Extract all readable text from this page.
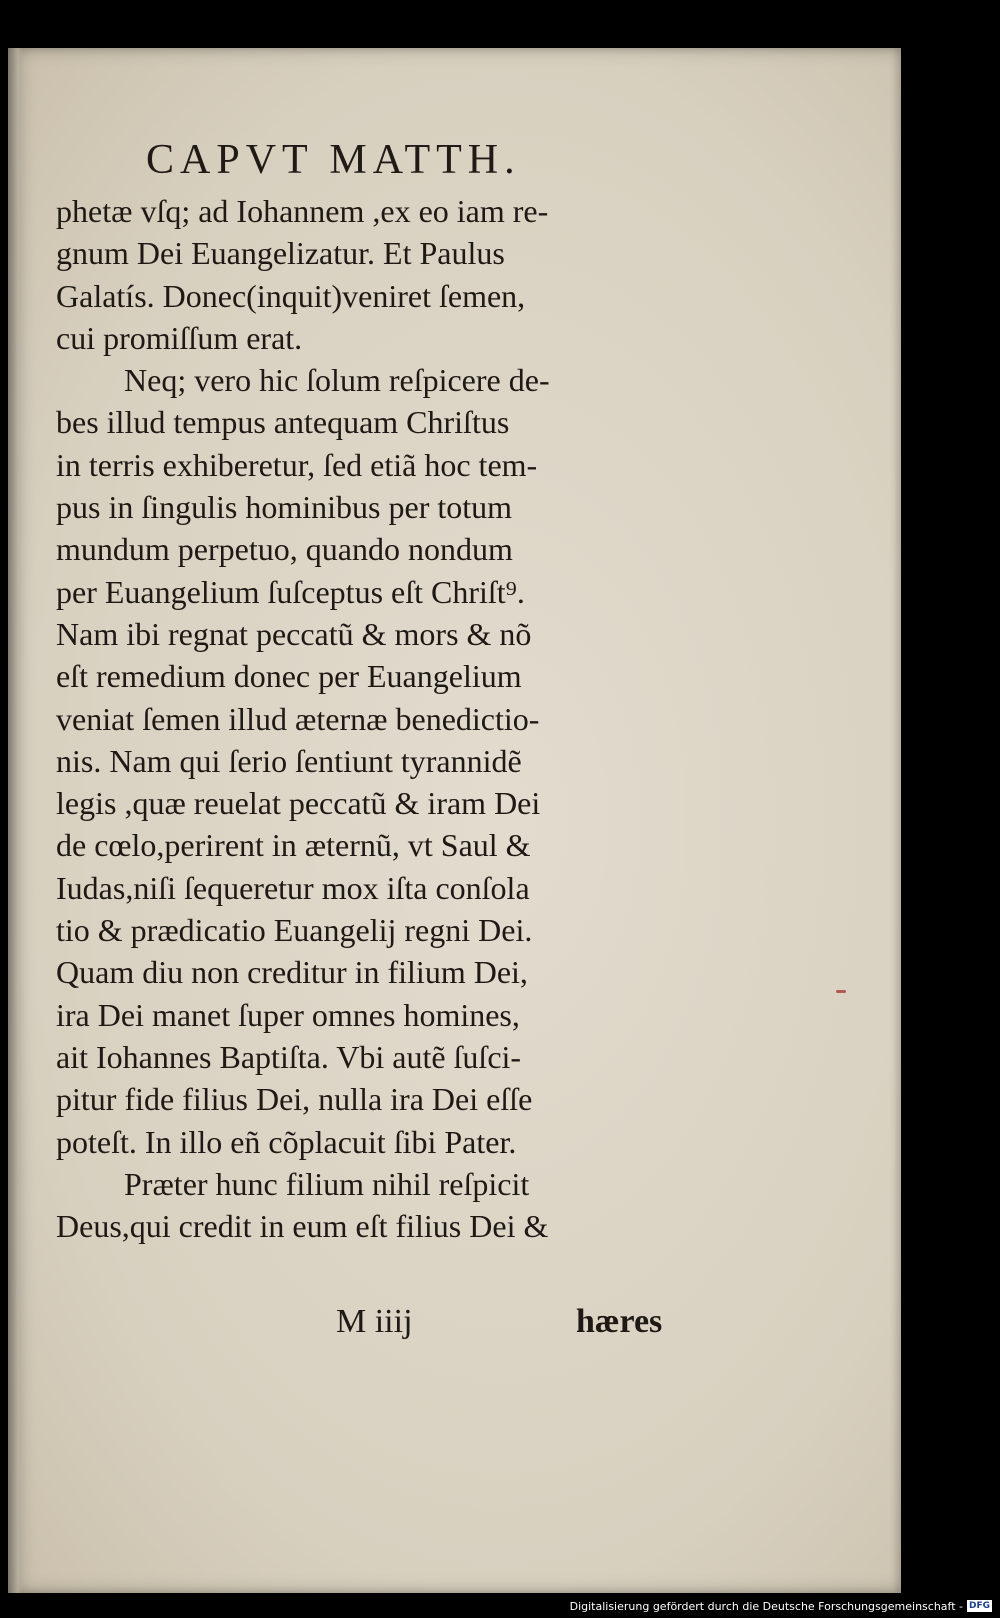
CAPVT MATTH.
phetæ vſq; ad Iohannem ,ex eo iam re-
gnum Dei Euangelizatur. Et Paulus
Galatís. Donec(inquit)veniret ſemen,
cui promiſſum erat.
Neq; vero hic ſolum reſpicere de-
bes illud tempus antequam Chriſtus
in terris exhiberetur, ſed etiã hoc tem-
pus in ſingulis hominibus per totum
mundum perpetuo, quando nondum
per Euangelium ſuſceptus eſt Chriſt⁹.
Nam ibi regnat peccatũ & mors & nõ
eſt remedium donec per Euangelium
veniat ſemen illud æternæ benedictio-
nis. Nam qui ſerio ſentiunt tyrannidẽ
legis ,quæ reuelat peccatũ & iram Dei
de cœlo,perirent in æternũ, vt Saul &
Iudas,niſi ſequeretur mox iſta conſola
tio & prædicatio Euangelij regni Dei.
Quam diu non creditur in filium Dei,
ira Dei manet ſuper omnes homines,
ait Iohannes Baptiſta. Vbi autẽ ſuſci-
pitur fide filius Dei, nulla ira Dei eſſe
poteſt. In illo eñ cõplacuit ſibi Pater.
Præter hunc filium nihil reſpicit
Deus,qui credit in eum eſt filius Dei &
M iiij	hæres
Digitalisierung gefördert durch die Deutsche Forschungsgemeinschaft - DFG
